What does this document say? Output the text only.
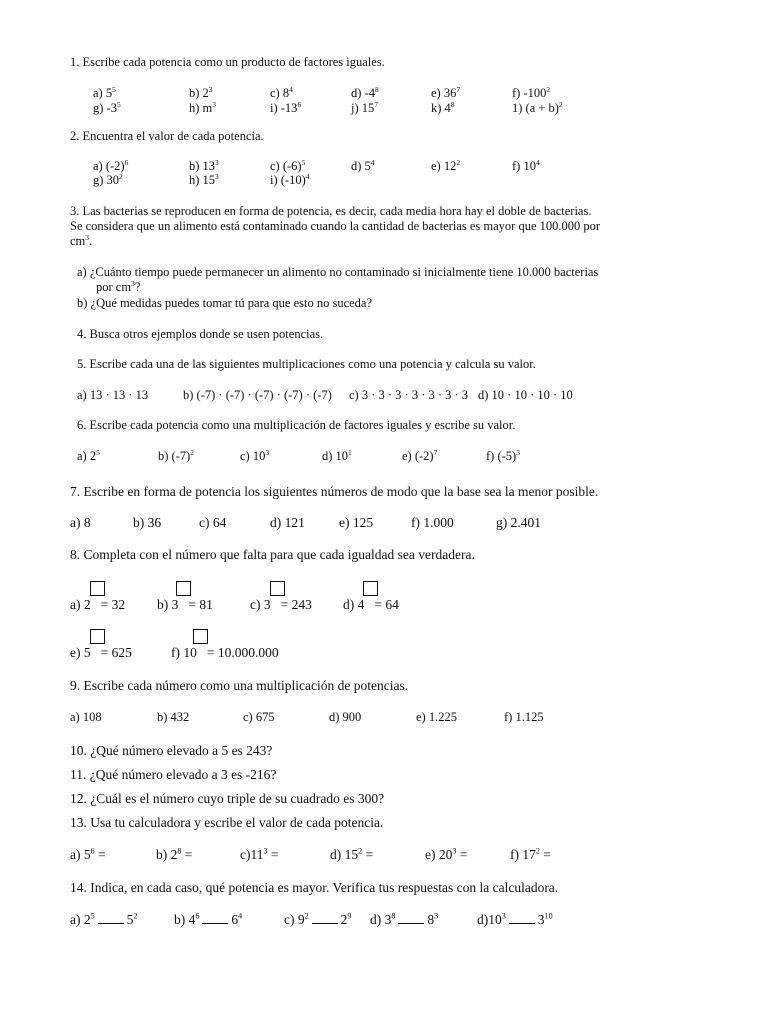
1. Escribe cada potencia como un producto de factores iguales.
a) $5^5$	b) $2^3$	c) $8^4$	d) $-4^8$	e) $36^7$	f) $-100^2$
g) $-3^5$	h) $m^3$	i) $-13^6$	j) $15^7$	k) $4^8$	1) $(a + b)^2$
2. Encuentra el valor de cada potencia.
a) $(-2)^6$	b) $13^3$	c) $(-6)^5$	d) $5^4$	e) $12^2$	f) $10^4$
g) $30^2$	h) $15^3$	i) $(-10)^4$
3. Las bacterias se reproducen en forma de potencia, es decir, cada media hora hay el doble de bacterias.
Se considera que un alimento está contaminado cuando la cantidad de bacterias es mayor que 100.000 por
$cm^3$.
a) ¿Cuánto tiempo puede permanecer un alimento no contaminado si inicialmente tiene 10.000 bacterias
por $cm^3$?
b) ¿Qué medidas puedes tomar tú para que esto no suceda?
4. Busca otros ejemplos donde se usen potencias.
5. Escribe cada una de las siguientes multiplicaciones como una potencia y calcula su valor.
a) 13 · 13 · 13	b) (-7) · (-7) · (-7) · (-7) · (-7) c) 3 · 3 · 3 · 3 · 3 · 3 · 3 d) 10 · 10 · 10 · 10
6. Escribe cada potencia como una multiplicación de factores iguales y escribe su valor.
a) $2^5$	b) $(-7)^2$	c) $10^3$	d) $10^1$	e) $(-2)^7$	f) $(-5)^3$
7. Escribe en forma de potencia los siguientes números de modo que la base sea la menor posible.
a) 8	b) 36	c) 64	d) 121	e) 125	f) 1.000	g) 2.401
8. Completa con el número que falta para que cada igualdad sea verdadera.
a) 2 = 32 b) 3 = 81	c) 3 = 243 d) 4 = 64
e) 5 = 625	f) 10 = 10.000.000
9. Escribe cada número como una multiplicación de potencias.
a) 108	b) 432	c) 675	d) 900	e) 1.225	f) 1.125
10. ¿Qué número elevado a 5 es 243?
11. ¿Qué número elevado a 3 es -216?
12. ¿Cuál es el número cuyo triple de su cuadrado es 300?
13. Usa tu calculadora y escribe el valor de cada potencia.
a) $5^6$ =	b) $2^8$ =	$c)11^3$ =	d) $15^2$ =	e) $20^3$ =	f) $17^2$ =
14. Indica, en cada caso, qué potencia es mayor. Verifica tus respuestas con la calculadora.
a) $2^5$ $5^2$	b) $4^6$ $6^4$	c) $9^2$ $2^9$ d) $3^8$ $8^3$	$d)10^3$ $3^{10}$
